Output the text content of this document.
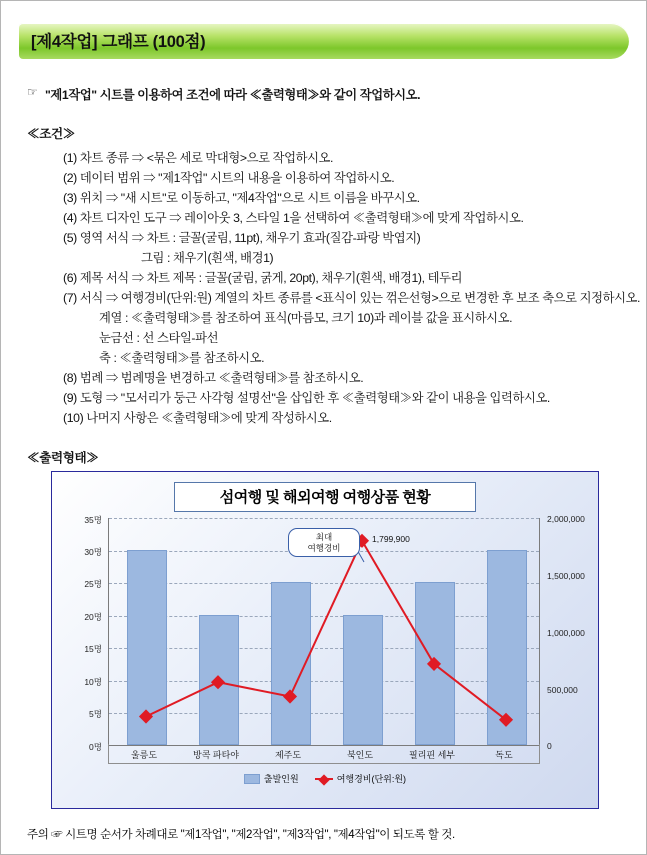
[제4작업] 그래프 (100점)
☞ "제1작업" 시트를 이용하여 조건에 따라 ≪출력형태≫와 같이 작업하시오.
≪조건≫
(1) 차트 종류 ⇒ <묶은 세로 막대형>으로 작업하시오.
(2) 데이터 범위 ⇒ "제1작업" 시트의 내용을 이용하여 작업하시오.
(3) 위치 ⇒ "새 시트"로 이동하고, "제4작업"으로 시트 이름을 바꾸시오.
(4) 차트 디자인 도구 ⇒ 레이아웃 3, 스타일 1을 선택하여 ≪출력형태≫에 맞게 작업하시오.
(5) 영역 서식 ⇒ 차트 : 글꼴(굴림, 11pt), 채우기 효과(질감-파랑 박엽지)
그림 : 채우기(흰색, 배경1)
(6) 제목 서식 ⇒ 차트 제목 : 글꼴(굴림, 굵게, 20pt), 채우기(흰색, 배경1), 테두리
(7) 서식 ⇒ 여행경비(단위:원) 계열의 차트 종류를 <표식이 있는 꺾은선형>으로 변경한 후 보조 축으로 지정하시오.
계열 : ≪출력형태≫를 참조하여 표식(마름모, 크기 10)과 레이블 값을 표시하시오.
눈금선 : 선 스타일-파선
축 : ≪출력형태≫를 참조하시오.
(8) 범례 ⇒ 범례명을 변경하고 ≪출력형태≫를 참조하시오.
(9) 도형 ⇒ "모서리가 둥근 사각형 설명선"을 삽입한 후 ≪출력형태≫와 같이 내용을 입력하시오.
(10) 나머지 사항은 ≪출력형태≫에 맞게 작성하시오.
≪출력형태≫
섬여행 및 해외여행 여행상품 현황
0명
5명
10명
15명
20명
25명
30명
35명
0
500,000
1,000,000
1,500,000
2,000,000
1,799,900
최대
여행경비
울릉도	방콕 파타야	제주도	북인도	필리핀 세부	독도
출발인원	여행경비(단위:원)
주의 ☞ 시트명 순서가 차례대로 "제1작업", "제2작업", "제3작업", "제4작업"이 되도록 할 것.
